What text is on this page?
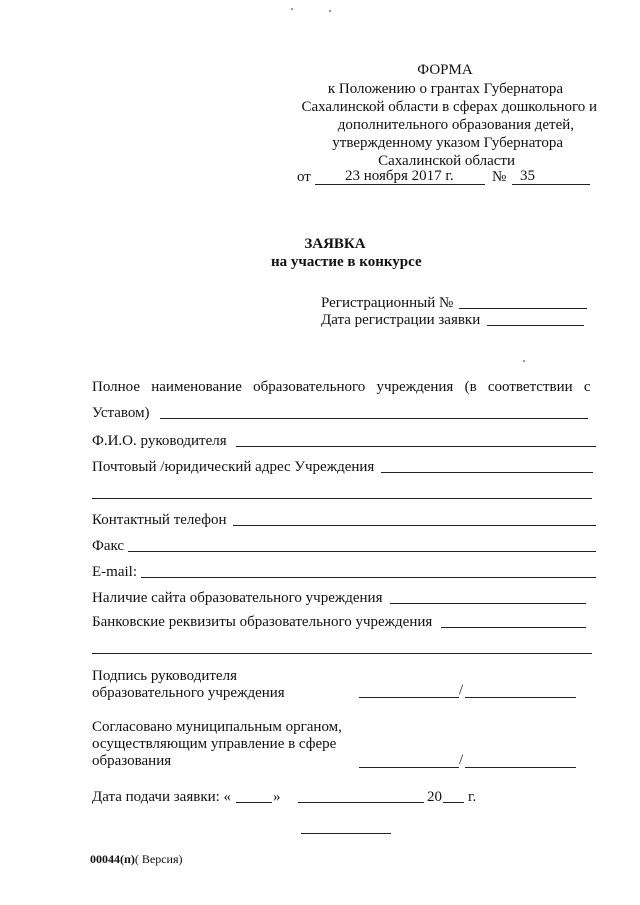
ФОРМА
к Положению о грантах Губернатора
Сахалинской области в сферах дошкольного и
дополнительного образования детей,
утвержденному указом Губернатора
Сахалинской области
от 23 ноября 2017 г.	№ 35
ЗАЯВКА
на участие в конкурсе
Регистрационный №
Дата регистрации заявки
Полное   наименование   образовательного   учреждения   (в   соответствии   с
Уставом)
Ф.И.О. руководителя
Почтовый /юридический адрес Учреждения
Контактный телефон
Факс
E-mail:
Наличие сайта образовательного учреждения
Банковские реквизиты образовательного учреждения
Подпись руководителя
образовательного учреждения	/
Согласовано муниципальным органом,
осуществляющим управление в сфере
образования	/
Дата подачи заявки: «	»	20 г.
00044(п)( Версия)
